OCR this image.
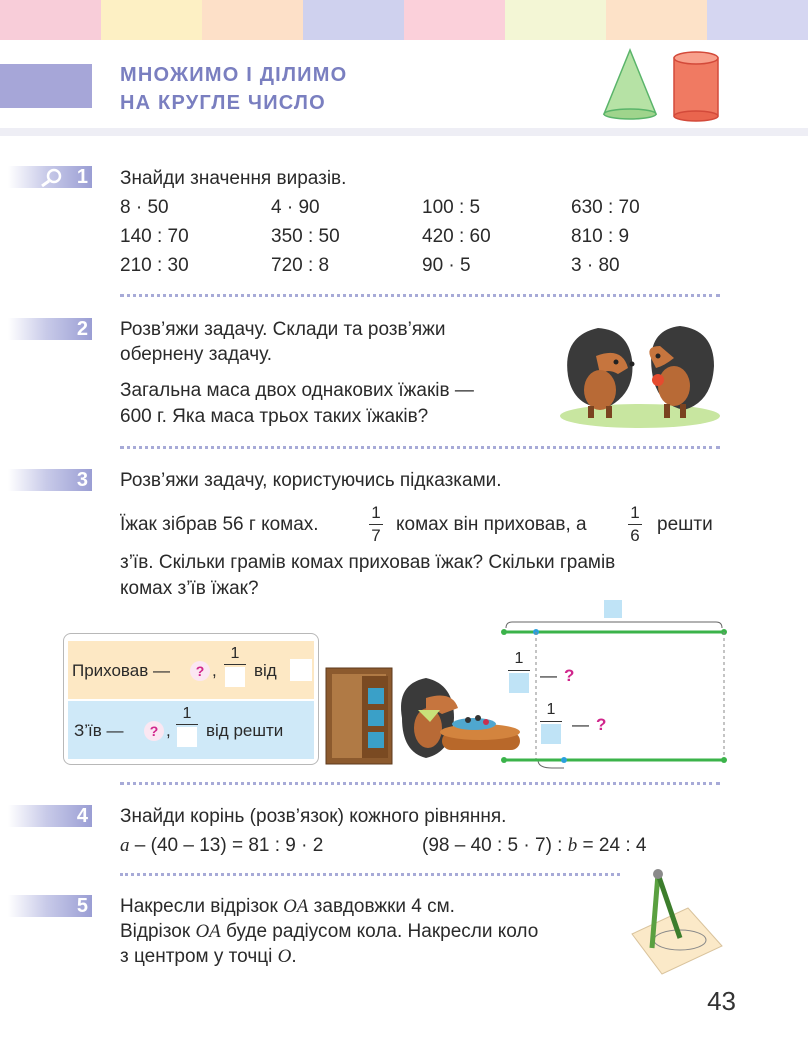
МНОЖИМО І ДІЛИМО
НА КРУГЛЕ ЧИСЛО
1 Знайди значення виразів.
8 · 50	4 · 90	100 : 5	630 : 70
140 : 70	350 : 50	420 : 60	810 : 9
210 : 30	720 : 8	90 · 5	3 · 80
2 Розв’яжи задачу. Склади та розв’яжи
обернену задачу.
Загальна маса двох однакових їжаків —
600 г. Яка маса трьох таких їжаків?
3 Розв’яжи задачу, користуючись підказками.
Їжак зібрав 56 г комах.
1
7
комах він приховав, а
1
6
решти
з’їв. Скільки грамів комах приховав їжак? Скільки грамів
комах з’їв їжак?
Приховав —	? ,
1
від
З’їв —	? ,
1
від решти
1
— ?
1
— ?
4 Знайди корінь (розв’язок) кожного рівняння.
a – (40 – 13) = 81 : 9 · 2	(98 – 40 : 5 · 7) : b = 24 : 4
5 Накресли відрізок OA завдовжки 4 см.
Відрізок OA буде радіусом кола. Накресли коло
з центром у точці O.
43
